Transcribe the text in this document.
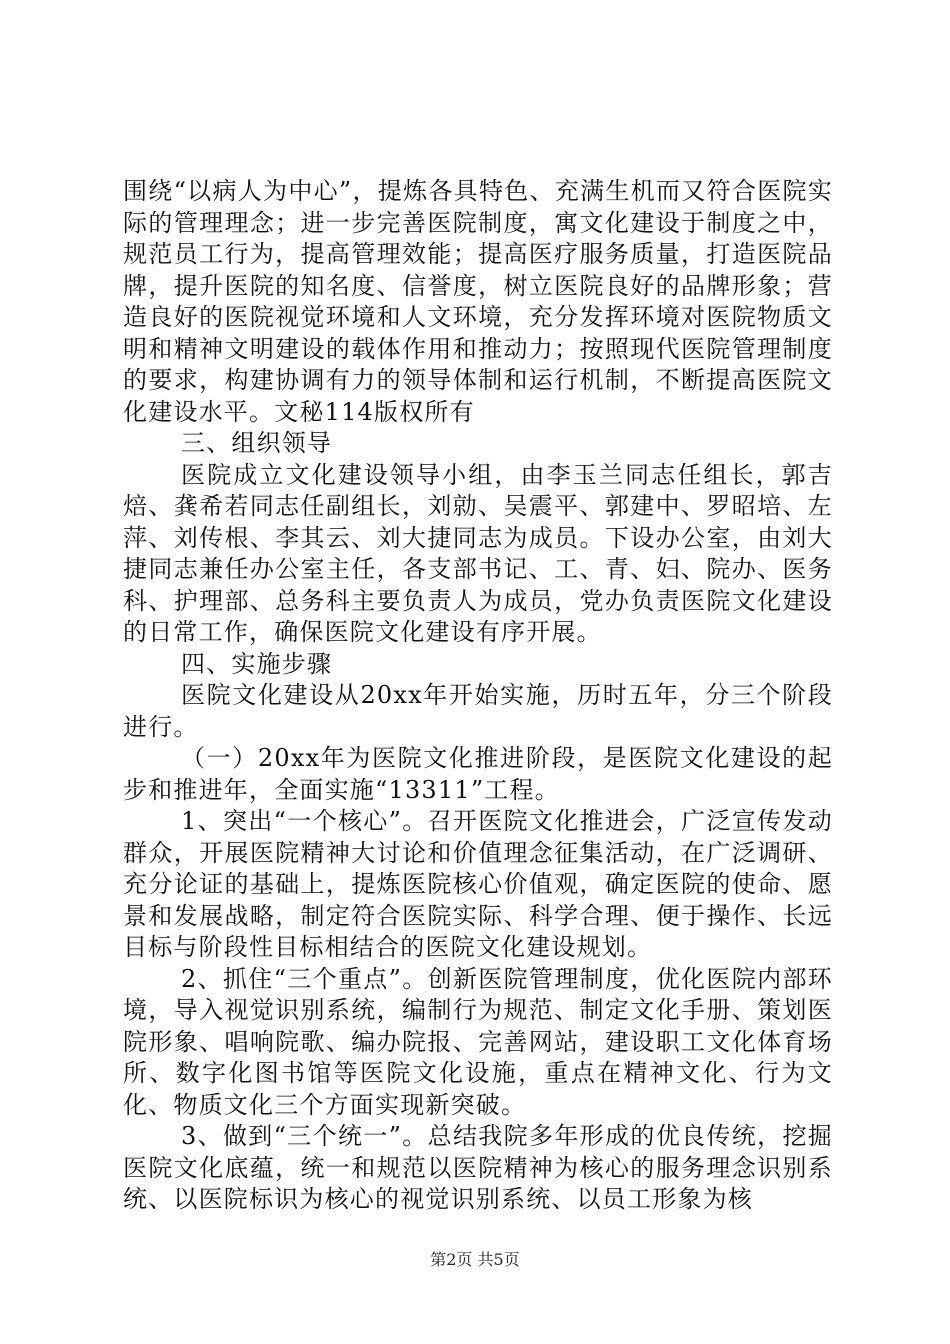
围绕“以病人为中心”，提炼各具特色、充满生机而又符合医院实际的管理理念；进一步完善医院制度，寓文化建设于制度之中，规范员工行为，提高管理效能；提高医疗服务质量，打造医院品牌，提升医院的知名度、信誉度，树立医院良好的品牌形象；营造良好的医院视觉环境和人文环境，充分发挥环境对医院物质文明和精神文明建设的载体作用和推动力；按照现代医院管理制度的要求，构建协调有力的领导体制和运行机制，不断提高医院文化建设水平。文秘114版权所有

三、组织领导

医院成立文化建设领导小组，由李玉兰同志任组长，郭吉焙、龚希若同志任副组长，刘勍、吴震平、郭建中、罗昭培、左萍、刘传根、李其云、刘大捷同志为成员。下设办公室，由刘大捷同志兼任办公室主任，各支部书记、工、青、妇、院办、医务科、护理部、总务科主要负责人为成员，党办负责医院文化建设的日常工作，确保医院文化建设有序开展。

四、实施步骤

医院文化建设从20xx年开始实施，历时五年，分三个阶段进行。

（一）20xx年为医院文化推进阶段，是医院文化建设的起步和推进年，全面实施“13311”工程。

1、突出“一个核心”。召开医院文化推进会，广泛宣传发动群众，开展医院精神大讨论和价值理念征集活动，在广泛调研、充分论证的基础上，提炼医院核心价值观，确定医院的使命、愿景和发展战略，制定符合医院实际、科学合理、便于操作、长远目标与阶段性目标相结合的医院文化建设规划。

2、抓住“三个重点”。创新医院管理制度，优化医院内部环境，导入视觉识别系统，编制行为规范、制定文化手册、策划医院形象、唱响院歌、编办院报、完善网站，建设职工文化体育场所、数字化图书馆等医院文化设施，重点在精神文化、行为文化、物质文化三个方面实现新突破。

3、做到“三个统一”。总结我院多年形成的优良传统，挖掘医院文化底蕴，统一和规范以医院精神为核心的服务理念识别系统、以医院标识为核心的视觉识别系统、以员工形象为核

第2页 共5页
